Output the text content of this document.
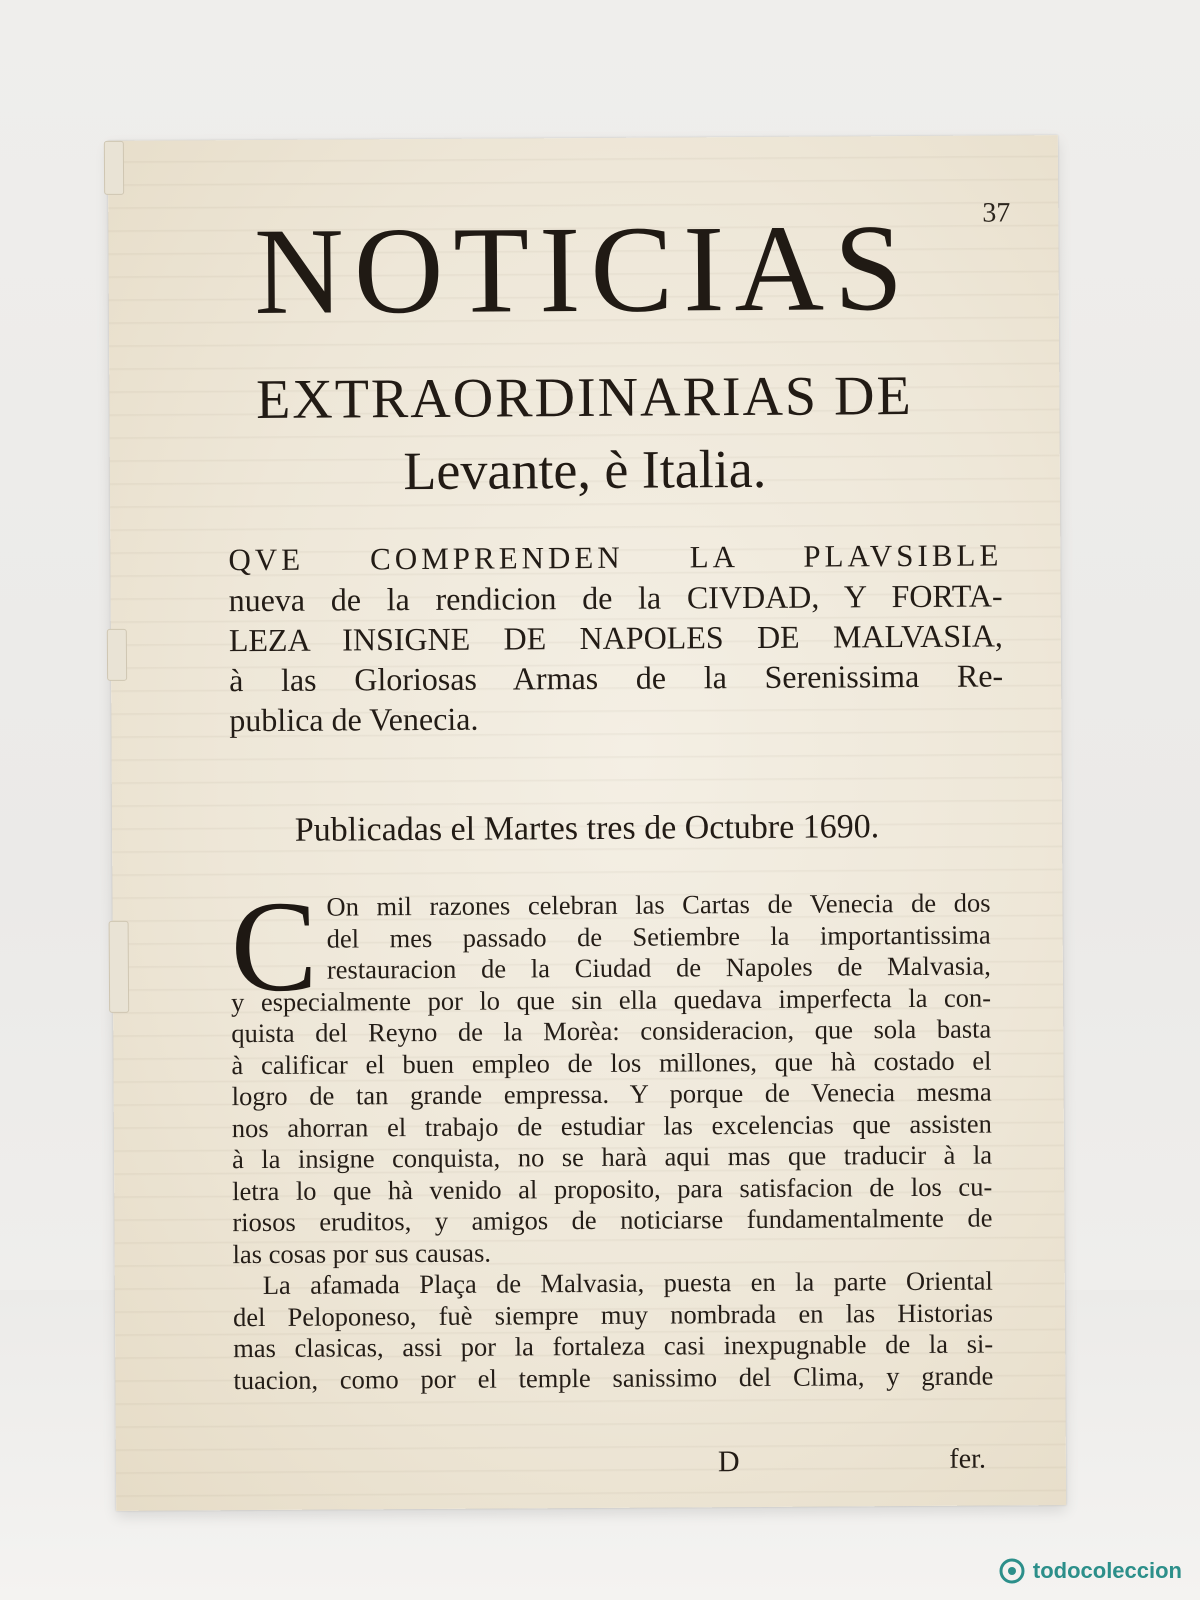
37
NOTICIAS
EXTRAORDINARIAS DE
Levante, è Italia.
QVE COMPRENDEN LA PLAVSIBLE
nueva de la rendicion de la CIVDAD, Y FORTA-
LEZA INSIGNE DE NAPOLES DE MALVASIA,
à las Gloriosas Armas de la Serenissima Re-
publica de Venecia.
Publicadas el Martes tres de Octubre 1690.
C On mil razones celebran las Cartas de Venecia de dos
del mes passado de Setiembre la importantissima
restauracion de la Ciudad de Napoles de Malvasia,
y especialmente por lo que sin ella quedava imperfecta la con-
quista del Reyno de la Morèa: consideracion, que sola basta
à calificar el buen empleo de los millones, que hà costado el
logro de tan grande empressa. Y porque de Venecia mesma
nos ahorran el trabajo de estudiar las excelencias que assisten
à la insigne conquista, no se harà aqui mas que traducir à la
letra lo que hà venido al proposito, para satisfacion de los cu-
riosos eruditos, y amigos de noticiarse fundamentalmente de
las cosas por sus causas.
La afamada Plaça de Malvasia, puesta en la parte Oriental
del Peloponeso, fuè siempre muy nombrada en las Historias
mas clasicas, assi por la fortaleza casi inexpugnable de la si-
tuacion, como por el temple sanissimo del Clima, y grande
D	fer.
todocoleccion
